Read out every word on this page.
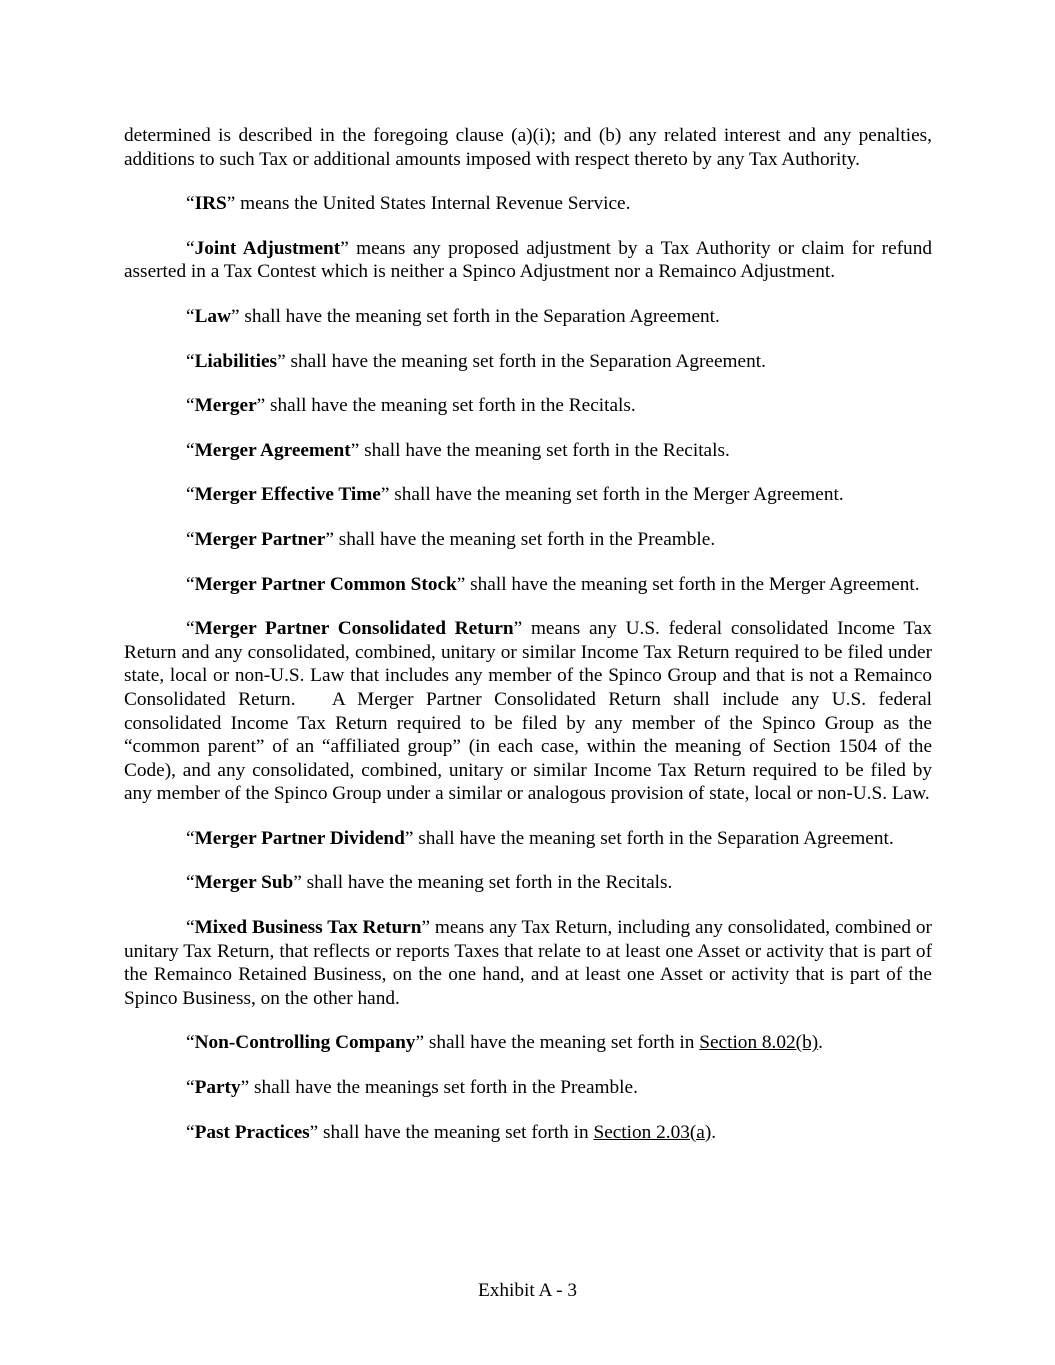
determined is described in the foregoing clause (a)(i); and (b) any related interest and any penalties, additions to such Tax or additional amounts imposed with respect thereto by any Tax Authority.

“IRS” means the United States Internal Revenue Service.

“Joint Adjustment” means any proposed adjustment by a Tax Authority or claim for refund asserted in a Tax Contest which is neither a Spinco Adjustment nor a Remainco Adjustment.

“Law” shall have the meaning set forth in the Separation Agreement.

“Liabilities” shall have the meaning set forth in the Separation Agreement.

“Merger” shall have the meaning set forth in the Recitals.

“Merger Agreement” shall have the meaning set forth in the Recitals.

“Merger Effective Time” shall have the meaning set forth in the Merger Agreement.

“Merger Partner” shall have the meaning set forth in the Preamble.

“Merger Partner Common Stock” shall have the meaning set forth in the Merger Agreement.

“Merger Partner Consolidated Return” means any U.S. federal consolidated Income Tax Return and any consolidated, combined, unitary or similar Income Tax Return required to be filed under state, local or non-U.S. Law that includes any member of the Spinco Group and that is not a Remainco Consolidated Return.   A Merger Partner Consolidated Return shall include any U.S. federal consolidated Income Tax Return required to be filed by any member of the Spinco Group as the “common parent” of an “affiliated group” (in each case, within the meaning of Section 1504 of the Code), and any consolidated, combined, unitary or similar Income Tax Return required to be filed by any member of the Spinco Group under a similar or analogous provision of state, local or non-U.S. Law.

“Merger Partner Dividend” shall have the meaning set forth in the Separation Agreement.

“Merger Sub” shall have the meaning set forth in the Recitals.

“Mixed Business Tax Return” means any Tax Return, including any consolidated, combined or unitary Tax Return, that reflects or reports Taxes that relate to at least one Asset or activity that is part of the Remainco Retained Business, on the one hand, and at least one Asset or activity that is part of the Spinco Business, on the other hand.

“Non-Controlling Company” shall have the meaning set forth in Section 8.02(b).

“Party” shall have the meanings set forth in the Preamble.

“Past Practices” shall have the meaning set forth in Section 2.03(a).

Exhibit A - 3
